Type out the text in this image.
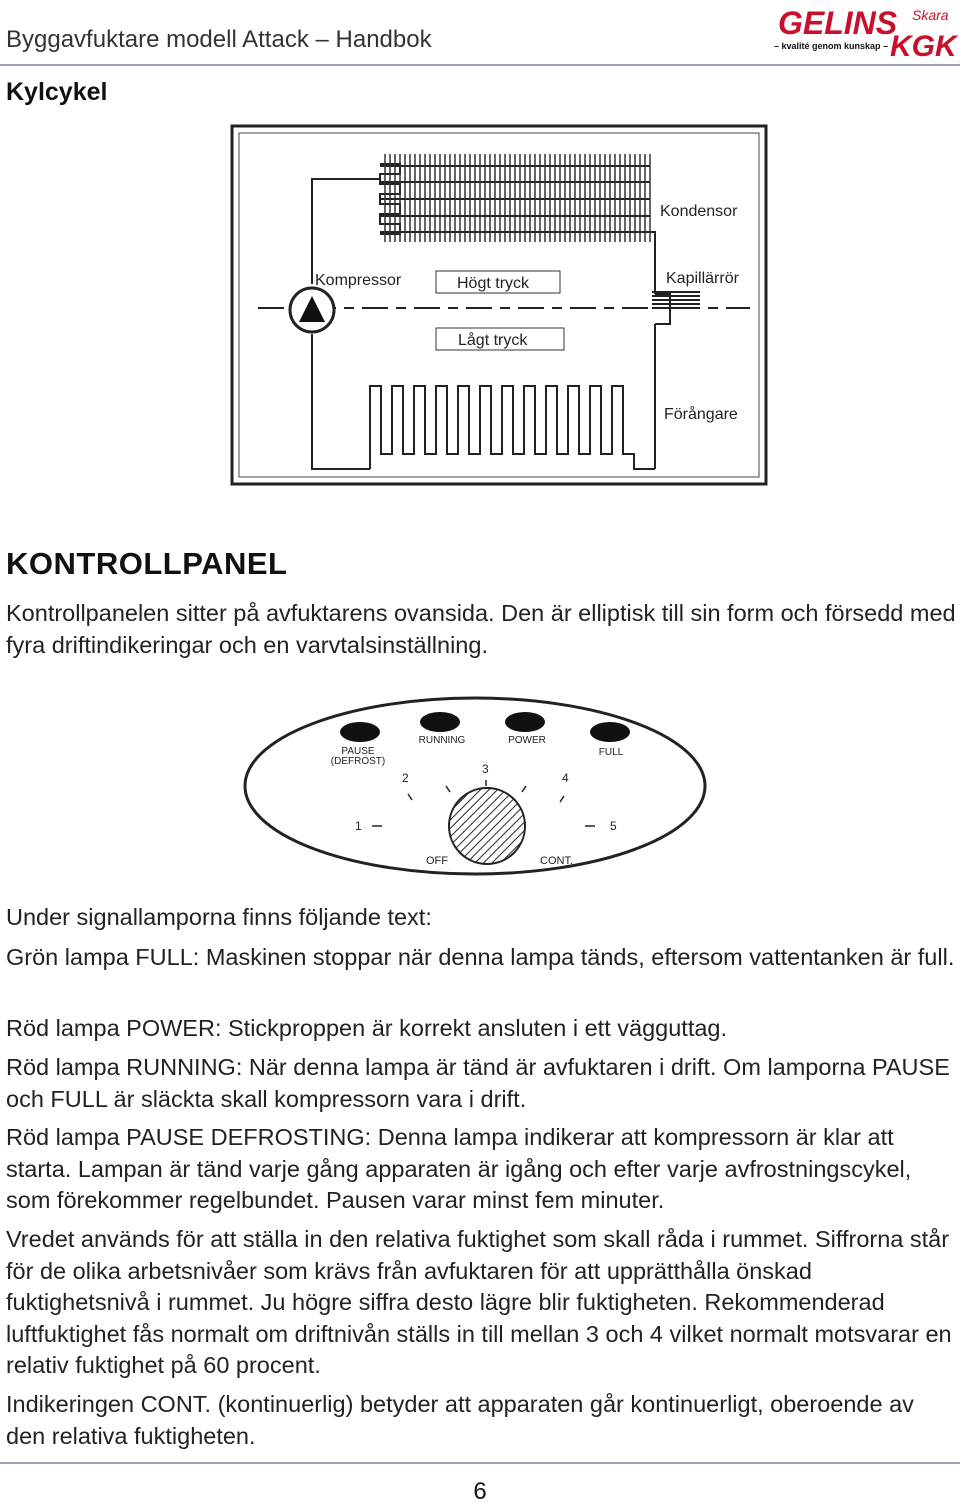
Byggavfuktare modell Attack – Handbok	GELINS Skara
– kvalité genom kunskap – KGK
Kylcykel
Kondensor
Kompressor	Högt tryck	Kapillärrör
Lågt tryck
Förångare
KONTROLLPANEL

Kontrollpanelen sitter på avfuktarens ovansida. Den är elliptisk till sin form och försedd med fyra driftindikeringar och en varvtalsinställning.

PAUSE
(DEFROST)
RUNNING	POWER
FULL
1
2
3
4
5
OFF	CONT.

Under signallamporna finns följande text:

Grön lampa FULL: Maskinen stoppar när denna lampa tänds, eftersom vattentanken är full.

Röd lampa POWER: Stickproppen är korrekt ansluten i ett vägguttag.

Röd lampa RUNNING: När denna lampa är tänd är avfuktaren i drift. Om lamporna PAUSE och FULL är släckta skall kompressorn vara i drift.

Röd lampa PAUSE DEFROSTING: Denna lampa indikerar att kompressorn är klar att starta. Lampan är tänd varje gång apparaten är igång och efter varje avfrostningscykel, som förekommer regelbundet. Pausen varar minst fem minuter.

Vredet används för att ställa in den relativa fuktighet som skall råda i rummet. Siffrorna står för de olika arbetsnivåer som krävs från avfuktaren för att upprätthålla önskad fuktighetsnivå i rummet. Ju högre siffra desto lägre blir fuktigheten. Rekommenderad luftfuktighet fås normalt om driftnivån ställs in till mellan 3 och 4 vilket normalt motsvarar en relativ fuktighet på 60 procent.

Indikeringen CONT. (kontinuerlig) betyder att apparaten går kontinuerligt, oberoende av den relativa fuktigheten.

6
